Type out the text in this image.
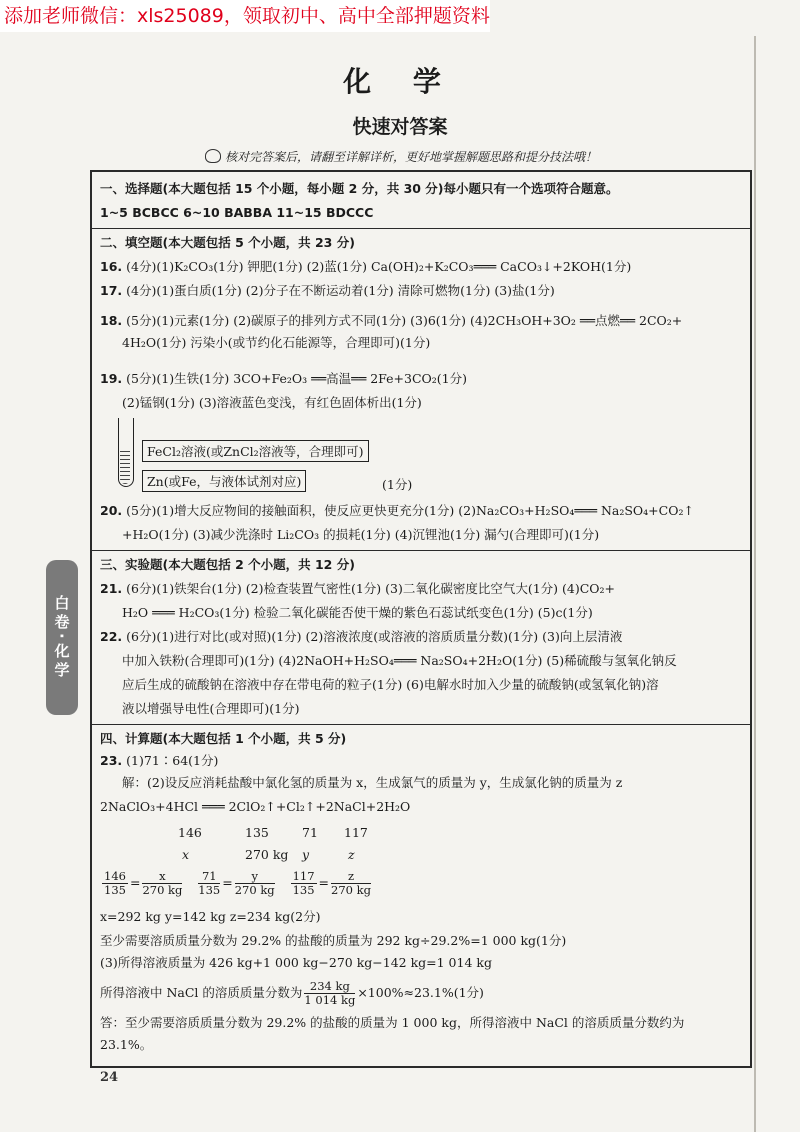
添加老师微信：xls25089，领取初中、高中全部押题资料
化 学
快速对答案
核对完答案后，请翻至详解详析，更好地掌握解题思路和提分技法哦！
白卷·化学
一、选择题(本大题包括 15 个小题，每小题 2 分，共 30 分)每小题只有一个选项符合题意。
1~5 BCBCC 6~10 BABBA 11~15 BDCCC
二、填空题(本大题包括 5 个小题，共 23 分)
16. (4分)(1)K₂CO₃(1分) 钾肥(1分) (2)蓝(1分) Ca(OH)₂+K₂CO₃═══ CaCO₃↓+2KOH(1分)
17. (4分)(1)蛋白质(1分) (2)分子在不断运动着(1分) 清除可燃物(1分) (3)盐(1分)
18. (5分)(1)元素(1分) (2)碳原子的排列方式不同(1分) (3)6(1分) (4)2CH₃OH+3O₂ ══点燃══ 2CO₂+
4H₂O(1分) 污染小(或节约化石能源等，合理即可)(1分)
19. (5分)(1)生铁(1分) 3CO+Fe₂O₃ ══高温══ 2Fe+3CO₂(1分)
(2)锰钢(1分) (3)溶液蓝色变浅，有红色固体析出(1分)
(1分)
20. (5分)(1)增大反应物间的接触面积，使反应更快更充分(1分) (2)Na₂CO₃+H₂SO₄═══ Na₂SO₄+CO₂↑
+H₂O(1分) (3)减少洗涤时 Li₂CO₃ 的损耗(1分) (4)沉锂池(1分) 漏勺(合理即可)(1分)
三、实验题(本大题包括 2 个小题，共 12 分)
21. (6分)(1)铁架台(1分) (2)检查装置气密性(1分) (3)二氧化碳密度比空气大(1分) (4)CO₂+
H₂O ═══ H₂CO₃(1分) 检验二氧化碳能否使干燥的紫色石蕊试纸变色(1分) (5)c(1分)
22. (6分)(1)进行对比(或对照)(1分) (2)溶液浓度(或溶液的溶质质量分数)(1分) (3)向上层清液
中加入铁粉(合理即可)(1分) (4)2NaOH+H₂SO₄═══ Na₂SO₄+2H₂O(1分) (5)稀硫酸与氢氧化钠反
应后生成的硫酸钠在溶液中存在带电荷的粒子(1分) (6)电解水时加入少量的硫酸钠(或氢氧化钠)溶
液以增强导电性(合理即可)(1分)
四、计算题(本大题包括 1 个小题，共 5 分)
23. (1)71∶64(1分)
解：(2)设反应消耗盐酸中氯化氢的质量为 x，生成氯气的质量为 y，生成氯化钠的质量为 z
2NaClO₃+4HCl ═══ 2ClO₂↑+Cl₂↑+2NaCl+2H₂O
146	135	71 117
x	270 kg y	z
$\frac{146}{135} = \frac{x}{270 kg}$
$\frac{71}{135} = \frac{y}{270 kg}$
$\frac{117}{135} = \frac{z}{270 kg}$
x=292 kg y=142 kg z=234 kg(2分)
至少需要溶质质量分数为 29.2% 的盐酸的质量为 292 kg÷29.2%=1 000 kg(1分)
(3)所得溶液质量为 426 kg+1 000 kg−270 kg−142 kg=1 014 kg
所得溶液中 NaCl 的溶质质量分数为 $\frac{234 kg}{1 014 kg} \times 100\%\approx 23.1\%(1$分)
答：至少需要溶质质量分数为 29.2% 的盐酸的质量为 1 000 kg，所得溶液中 NaCl 的溶质质量分数约为
23.1%。
FeCl₂溶液(或ZnCl₂溶液等，合理即可)
Zn(或Fe，与液体试剂对应)
24
